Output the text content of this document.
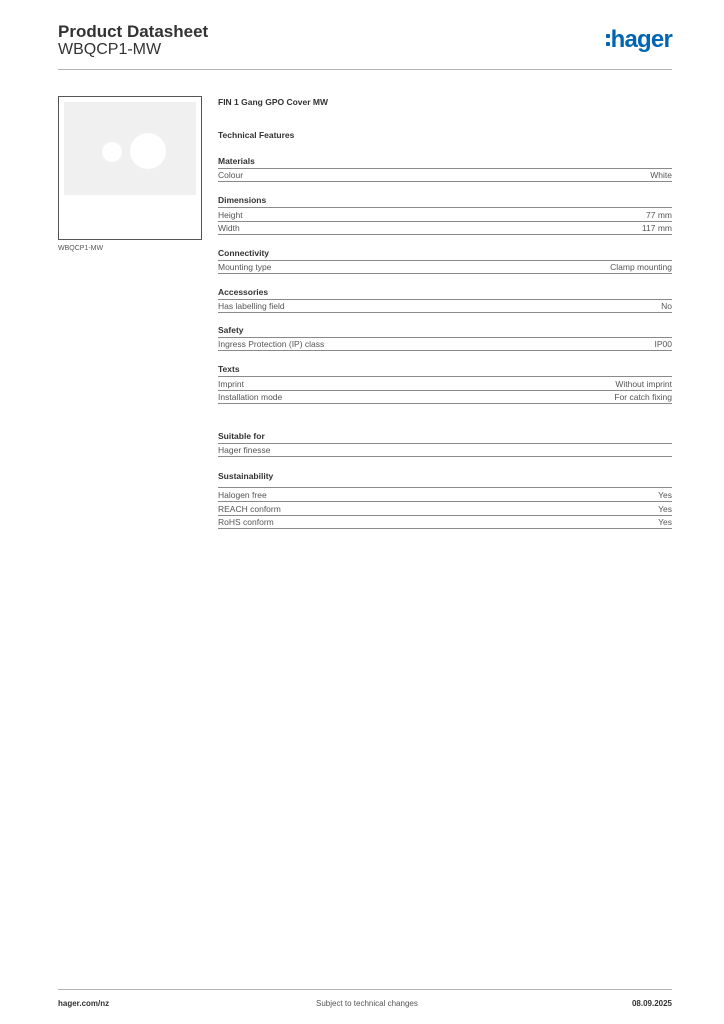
Product Datasheet
WBQCP1-MW	hager
WBQCP1-MW
FIN 1 Gang GPO Cover MW
Technical Features
Materials
Colour	White
Dimensions
Height	77 mm
Width	117 mm
Connectivity
Mounting type	Clamp mounting
Accessories
Has labelling field	No
Safety
Ingress Protection (IP) class	IP00
Texts
Imprint	Without imprint
Installation mode	For catch fixing
Suitable for
Hager finesse
Sustainability
Halogen free	Yes
REACH conform	Yes
RoHS conform	Yes
hager.com/nz	Subject to technical changes	08.09.2025
